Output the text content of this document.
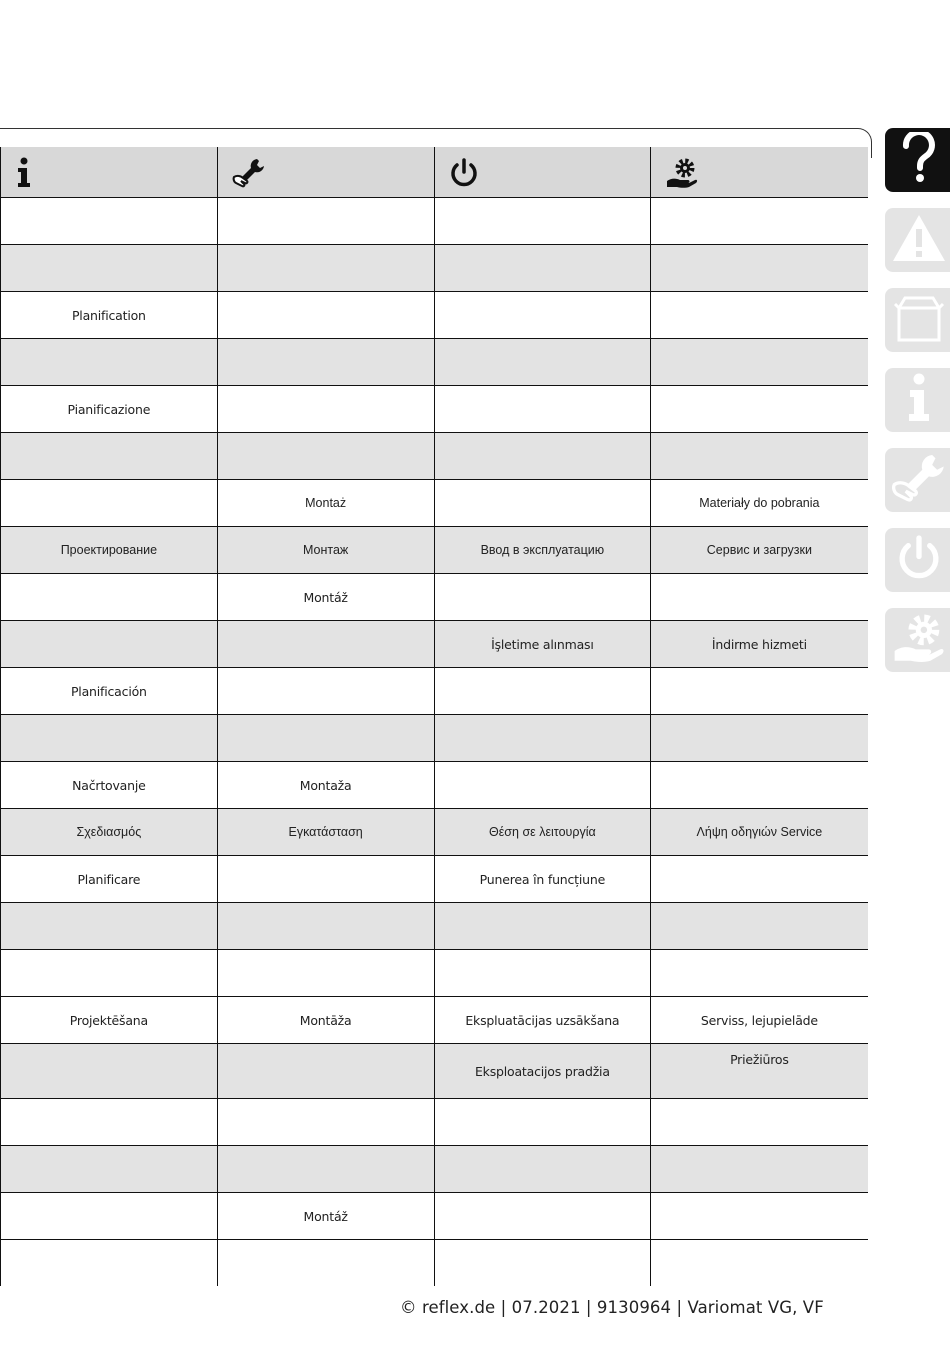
Planification			

Pianificazione			

	Montaż		Materiały do pobrania
Проектирование	Монтаж	Ввод в эксплуатацию	Сервис и загрузки
	Montáž		
		İşletime alınması	İndirme hizmeti
Planificación			

Načrtovanje	Montaža		
Σχεδιασμός	Εγκατάσταση	Θέση σε λειτουργία	Λήψη οδηγιών Service
Planificare		Punerea în funcțiune	

Projektēšana	Montāža	Ekspluatācijas uzsākšana	Serviss, lejupielāde
		Eksploatacijos pradžia	Priežiūros

	Montáž		

© reflex.de | 07.2021 | 9130964 | Variomat VG, VF
